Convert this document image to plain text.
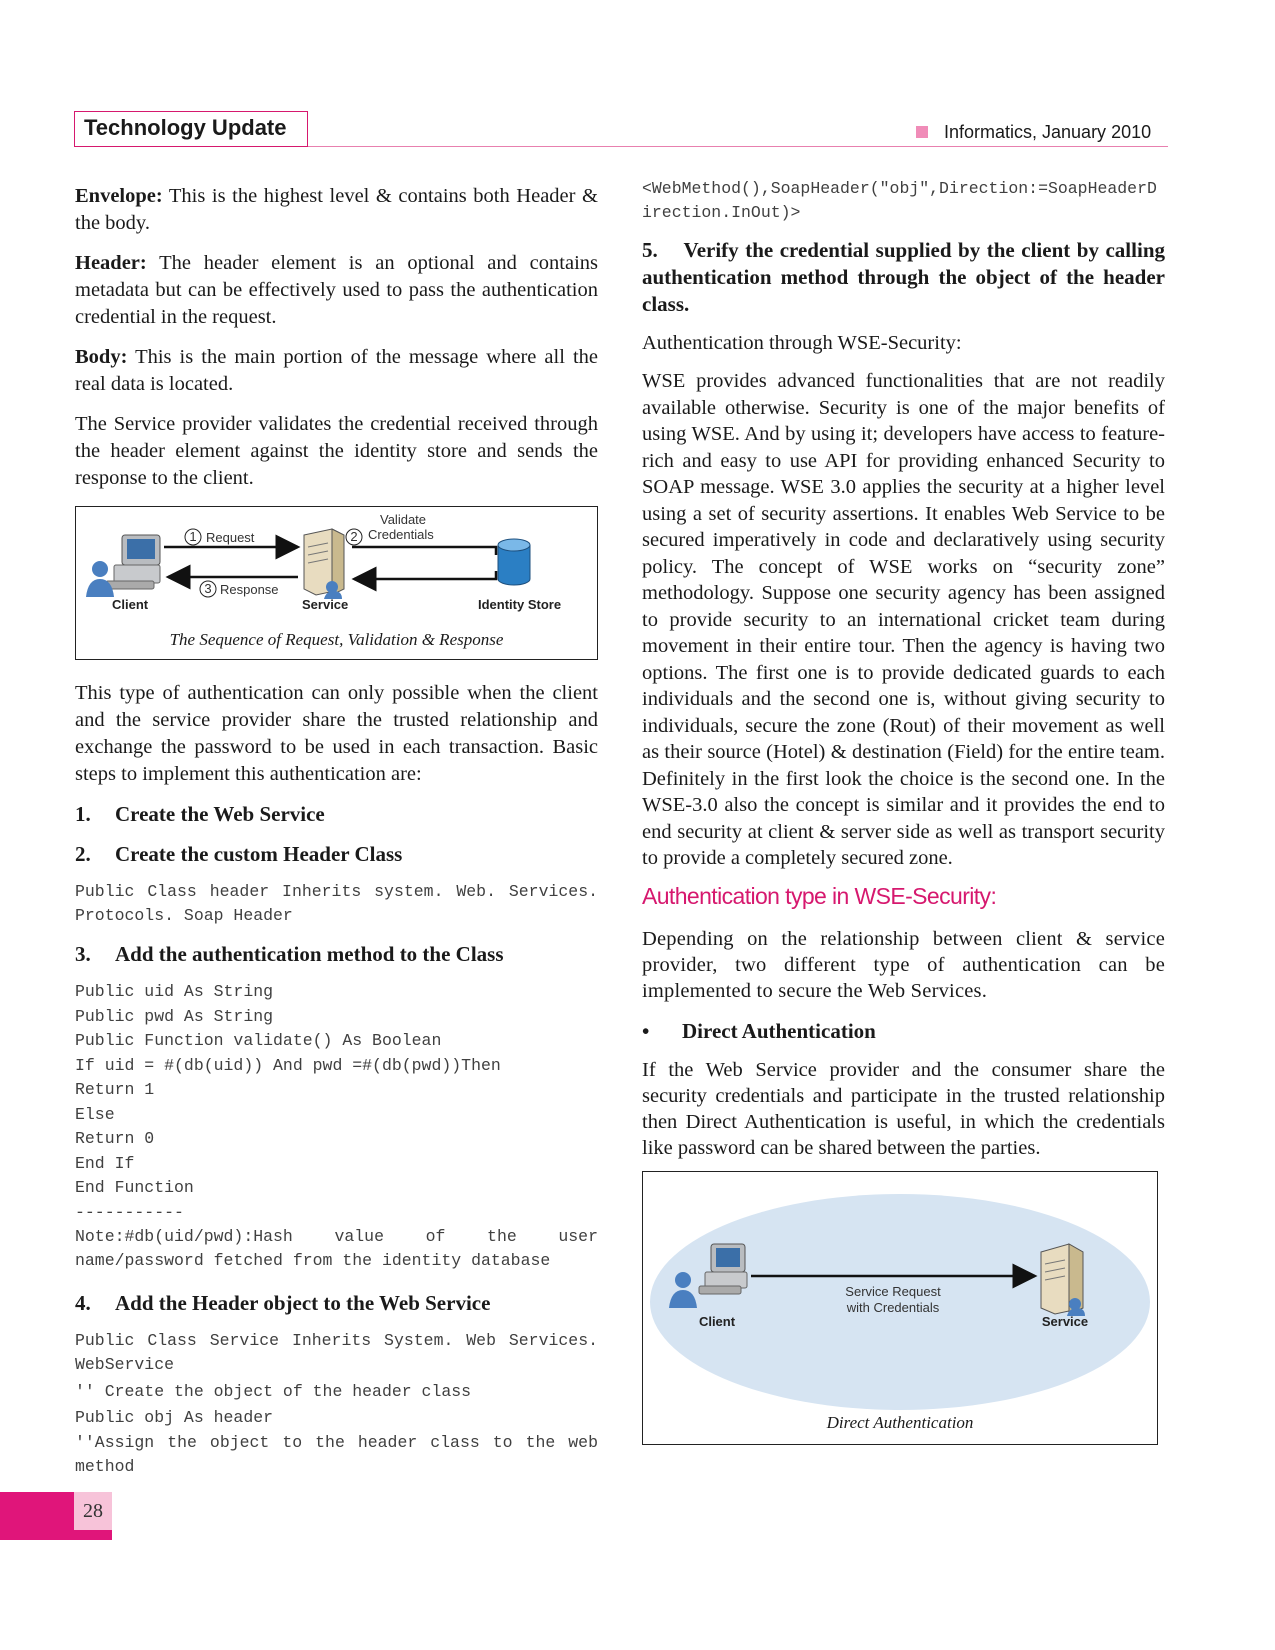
Technology Update	Informatics, January 2010

Envelope: This is the highest level & contains both Header & the body.

Header: The header element is an optional and contains metadata but can be effectively used to pass the authentication credential in the request.

Body: This is the main portion of the message where all the real data is located.

The Service provider validates the credential received through the header element against the identity store and sends the response to the client.

1	2
3
Request
Validate
Credentials
Response
Client	Service	Identity Store
The Sequence of Request, Validation & Response

This type of authentication can only possible when the client and the service provider share the trusted relationship and exchange the password to be used in each transaction. Basic steps to implement this authentication are:

1.	Create the Web Service
2.	Create the custom Header Class
Public Class header Inherits system. Web. Services. Protocols. Soap Header
3.	Add the authentication method to the Class
Public uid As String
Public pwd As String
Public Function validate() As Boolean
If uid = #(db(uid)) And pwd =#(db(pwd))Then
Return 1
Else
Return 0
End If
End Function
-----------
Note:#db(uid/pwd):Hash value of the user name/password fetched from the identity database
4.	Add the Header object to the Web Service
Public Class Service Inherits System. Web Services. WebService
'' Create the object of the header class
Public obj As header
''Assign the object to the header class to the web method
<WebMethod(),SoapHeader("obj",Direction:=SoapHeaderDirection.InOut)>
5.    Verify the credential supplied by the client by calling authentication method through the object of the header class.

Authentication through WSE-Security:

WSE provides advanced functionalities that are not readily available otherwise. Security is one of the major benefits of using WSE. And by using it; developers have access to feature-rich and easy to use API for providing enhanced Security to SOAP message. WSE 3.0 applies the security at a higher level using a set of security assertions. It enables Web Service to be secured imperatively in code and declaratively using security policy. The concept of WSE works on “security zone” methodology. Suppose one security agency has been assigned to provide security to an international cricket team during movement in their entire tour. Then the agency is having two options. The first one is to provide dedicated guards to each individuals and the second one is, without giving security to individuals, secure the zone (Rout) of their movement as well as their source (Hotel) & destination (Field) for the entire team. Definitely in the first look the choice is the second one. In the WSE-3.0 also the concept is similar and it provides the end to end security at client & server side as well as transport security to provide a completely secured zone.

Authentication type in WSE-Security:

Depending on the relationship between client & service provider, two different type of authentication can be implemented to secure the Web Services.

•	Direct Authentication

If the Web Service provider and the consumer share the security credentials and participate in the trusted relationship then Direct Authentication is useful, in which the credentials like password can be shared between the parties.

Service Request
with Credentials
Client	Service
Direct Authentication
28
